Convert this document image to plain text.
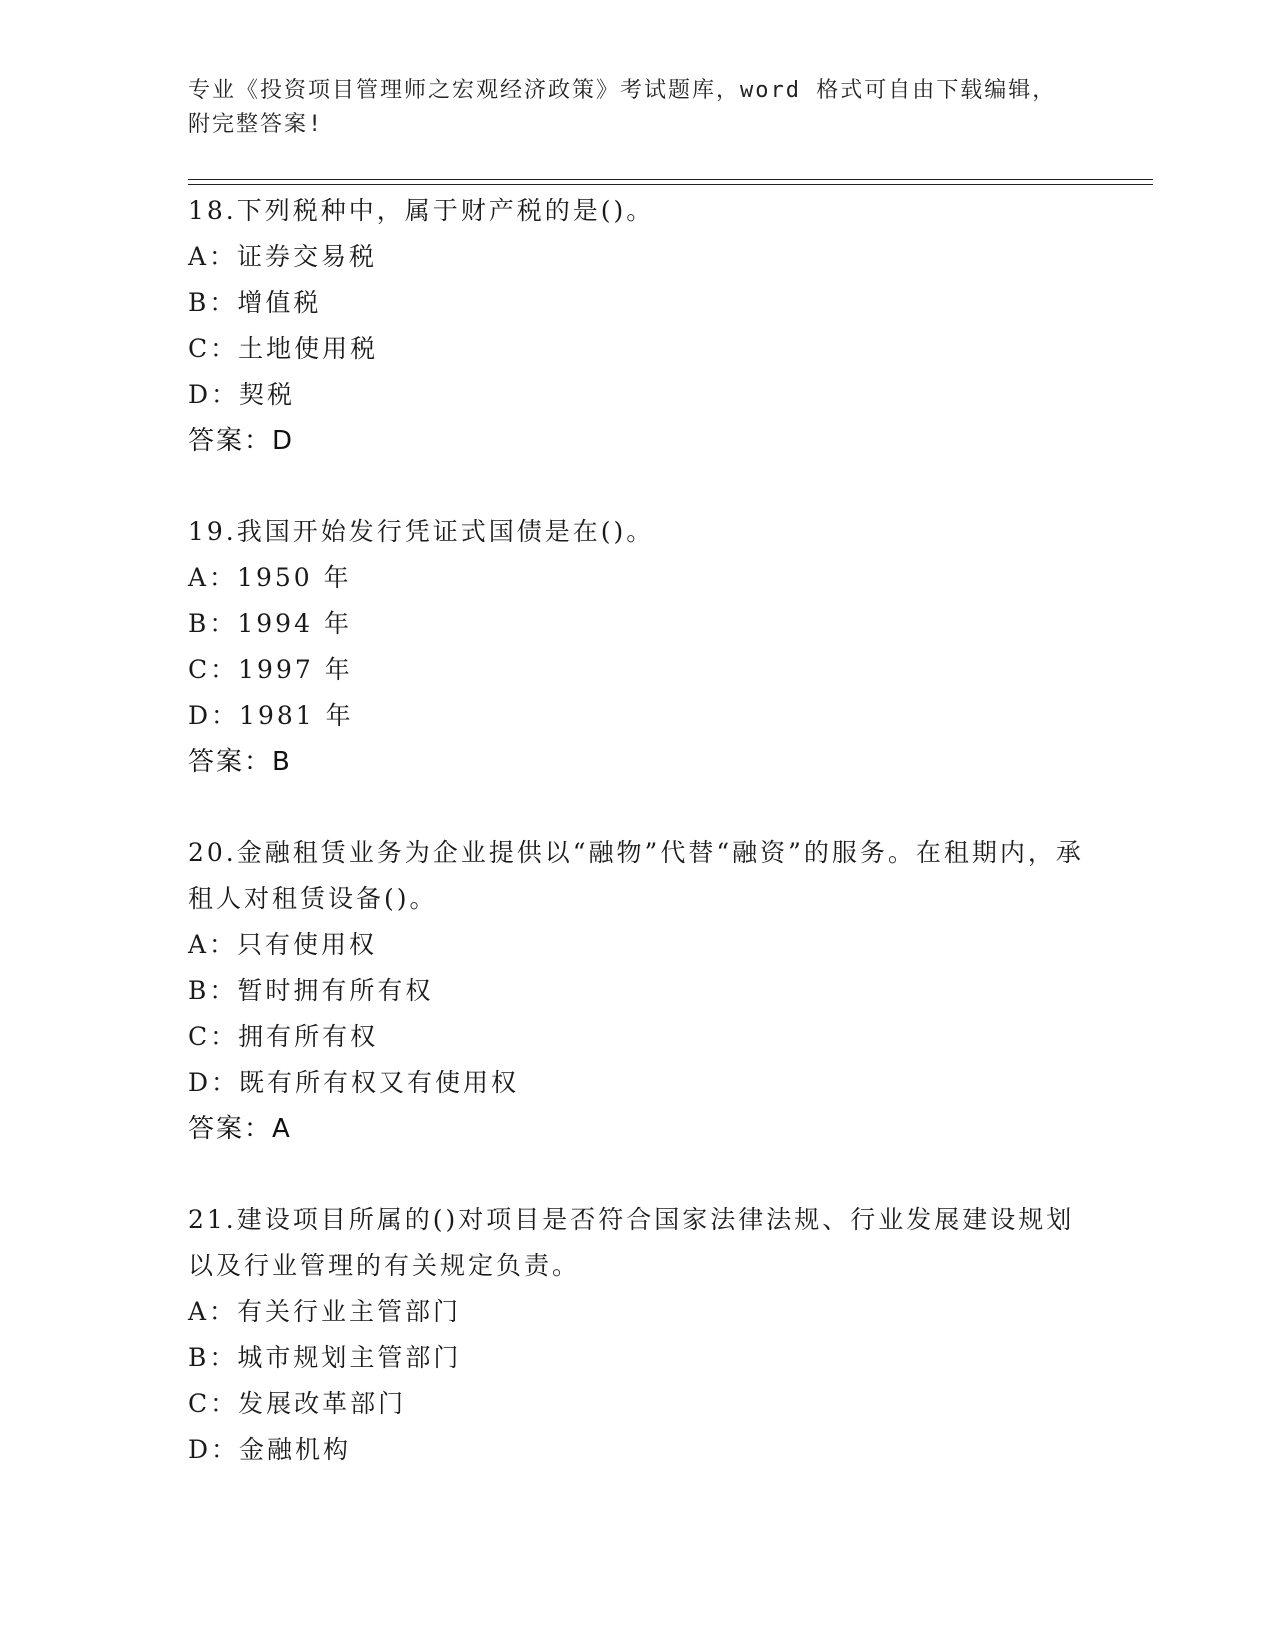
专业《投资项目管理师之宏观经济政策》考试题库，word 格式可自由下载编辑，
附完整答案!
18.下列税种中，属于财产税的是()。
A：证券交易税
B：增值税
C：土地使用税
D：契税
答案：D
19.我国开始发行凭证式国债是在()。
A：1950 年
B：1994 年
C：1997 年
D：1981 年
答案：B
20.金融租赁业务为企业提供以“融物”代替“融资”的服务。在租期内，承租人对租赁设备()。
A：只有使用权
B：暂时拥有所有权
C：拥有所有权
D：既有所有权又有使用权
答案：A
21.建设项目所属的()对项目是否符合国家法律法规、行业发展建设规划以及行业管理的有关规定负责。
A：有关行业主管部门
B：城市规划主管部门
C：发展改革部门
D：金融机构
